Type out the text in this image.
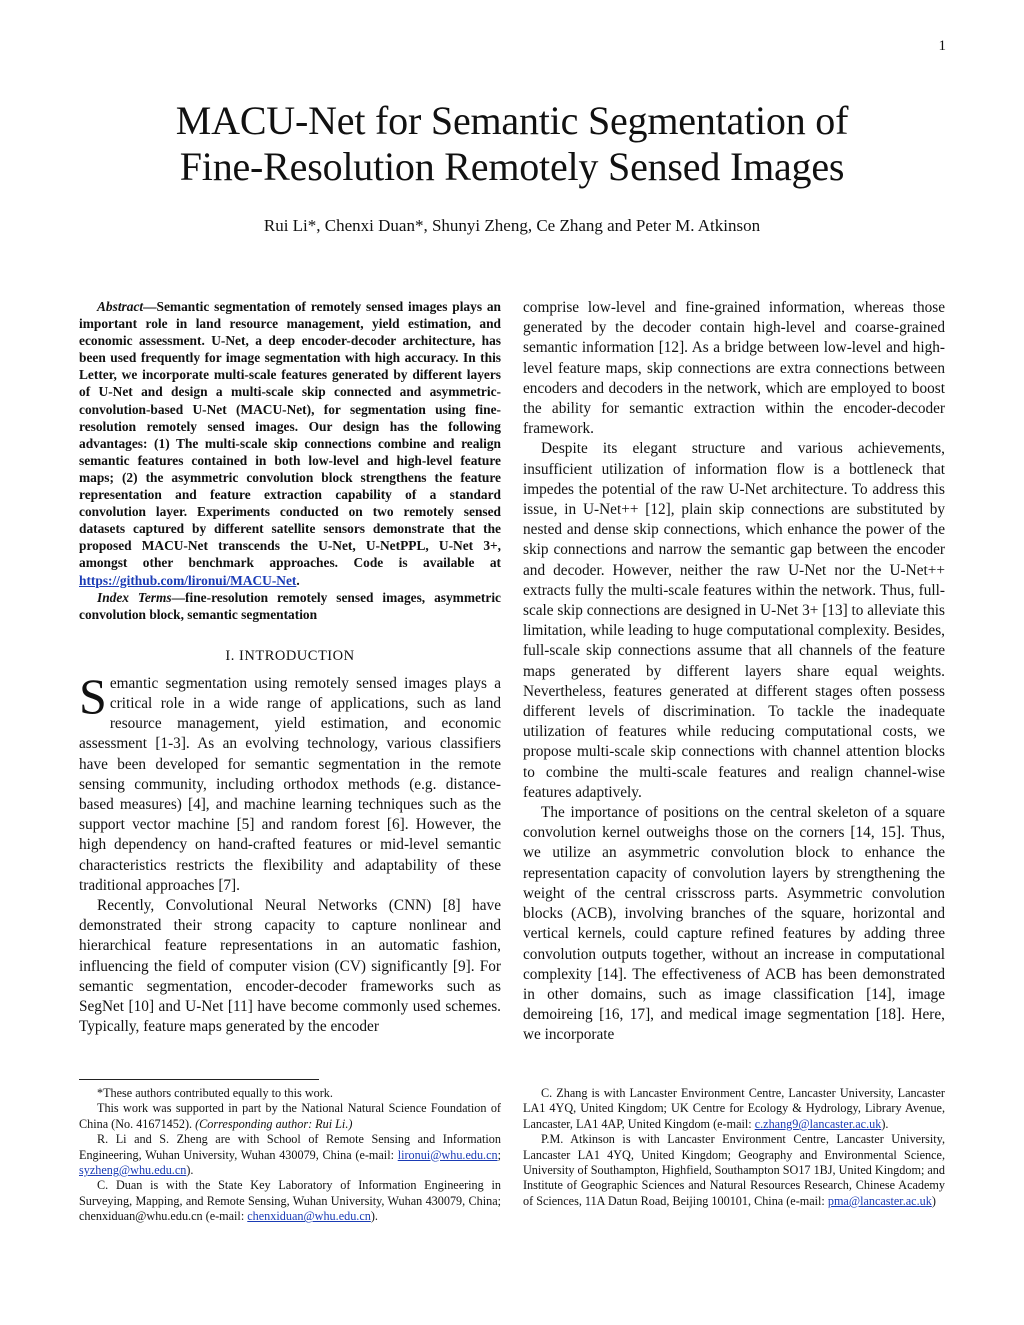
1
MACU-Net for Semantic Segmentation of
Fine-Resolution Remotely Sensed Images
Rui Li*, Chenxi Duan*, Shunyi Zheng, Ce Zhang and Peter M. Atkinson

Abstract—Semantic segmentation of remotely sensed images plays an important role in land resource management, yield estimation, and economic assessment. U-Net, a deep encoder-decoder architecture, has been used frequently for image segmentation with high accuracy. In this Letter, we incorporate multi-scale features generated by different layers of U-Net and design a multi-scale skip connected and asymmetric-convolution-based U-Net (MACU-Net), for segmentation using fine-resolution remotely sensed images. Our design has the following advantages: (1) The multi-scale skip connections combine and realign semantic features contained in both low-level and high-level feature maps; (2) the asymmetric convolution block strengthens the feature representation and feature extraction capability of a standard convolution layer. Experiments conducted on two remotely sensed datasets captured by different satellite sensors demonstrate that the proposed MACU-Net transcends the U-Net, U-NetPPL, U-Net 3+, amongst other benchmark approaches. Code is available at https://github.com/lironui/MACU-Net.

Index Terms—fine-resolution remotely sensed images, asymmetric convolution block, semantic segmentation

I. INTRODUCTION

Semantic segmentation using remotely sensed images plays a critical role in a wide range of applications, such as land resource management, yield estimation, and economic assessment [1-3]. As an evolving technology, various classifiers have been developed for semantic segmentation in the remote sensing community, including orthodox methods (e.g. distance-based measures) [4], and machine learning techniques such as the support vector machine [5] and random forest [6]. However, the high dependency on hand-crafted features or mid-level semantic characteristics restricts the flexibility and adaptability of these traditional approaches [7].

Recently, Convolutional Neural Networks (CNN) [8] have demonstrated their strong capacity to capture nonlinear and hierarchical feature representations in an automatic fashion, influencing the field of computer vision (CV) significantly [9]. For semantic segmentation, encoder-decoder frameworks such as SegNet [10] and U-Net [11] have become commonly used schemes. Typically, feature maps generated by the encoder

comprise low-level and fine-grained information, whereas those generated by the decoder contain high-level and coarse-grained semantic information [12]. As a bridge between low-level and high-level feature maps, skip connections are extra connections between encoders and decoders in the network, which are employed to boost the ability for semantic extraction within the encoder-decoder framework.

Despite its elegant structure and various achievements, insufficient utilization of information flow is a bottleneck that impedes the potential of the raw U-Net architecture. To address this issue, in U-Net++ [12], plain skip connections are substituted by nested and dense skip connections, which enhance the power of the skip connections and narrow the semantic gap between the encoder and decoder. However, neither the raw U-Net nor the U-Net++ extracts fully the multi-scale features within the network. Thus, full-scale skip connections are designed in U-Net 3+ [13] to alleviate this limitation, while leading to huge computational complexity. Besides, full-scale skip connections assume that all channels of the feature maps generated by different layers share equal weights. Nevertheless, features generated at different stages often possess different levels of discrimination. To tackle the inadequate utilization of features while reducing computational costs, we propose multi-scale skip connections with channel attention blocks to combine the multi-scale features and realign channel-wise features adaptively.

The importance of positions on the central skeleton of a square convolution kernel outweighs those on the corners [14, 15]. Thus, we utilize an asymmetric convolution block to enhance the representation capacity of convolution layers by strengthening the weight of the central crisscross parts. Asymmetric convolution blocks (ACB), involving branches of the square, horizontal and vertical kernels, could capture refined features by adding three convolution outputs together, without an increase in computational complexity [14]. The effectiveness of ACB has been demonstrated in other domains, such as image classification [14], image demoireing [16, 17], and medical image segmentation [18]. Here, we incorporate

*These authors contributed equally to this work.

This work was supported in part by the National Natural Science Foundation of China (No. 41671452). (Corresponding author: Rui Li.)

R. Li and S. Zheng are with School of Remote Sensing and Information Engineering, Wuhan University, Wuhan 430079, China (e-mail: lironui@whu.edu.cn; syzheng@whu.edu.cn).

C. Duan is with the State Key Laboratory of Information Engineering in Surveying, Mapping, and Remote Sensing, Wuhan University, Wuhan 430079, China; chenxiduan@whu.edu.cn (e-mail: chenxiduan@whu.edu.cn).

C. Zhang is with Lancaster Environment Centre, Lancaster University, Lancaster LA1 4YQ, United Kingdom; UK Centre for Ecology & Hydrology, Library Avenue, Lancaster, LA1 4AP, United Kingdom (e-mail: c.zhang9@lancaster.ac.uk).

P.M. Atkinson is with Lancaster Environment Centre, Lancaster University, Lancaster LA1 4YQ, United Kingdom; Geography and Environmental Science, University of Southampton, Highfield, Southampton SO17 1BJ, United Kingdom; and Institute of Geographic Sciences and Natural Resources Research, Chinese Academy of Sciences, 11A Datun Road, Beijing 100101, China (e-mail: pma@lancaster.ac.uk)
